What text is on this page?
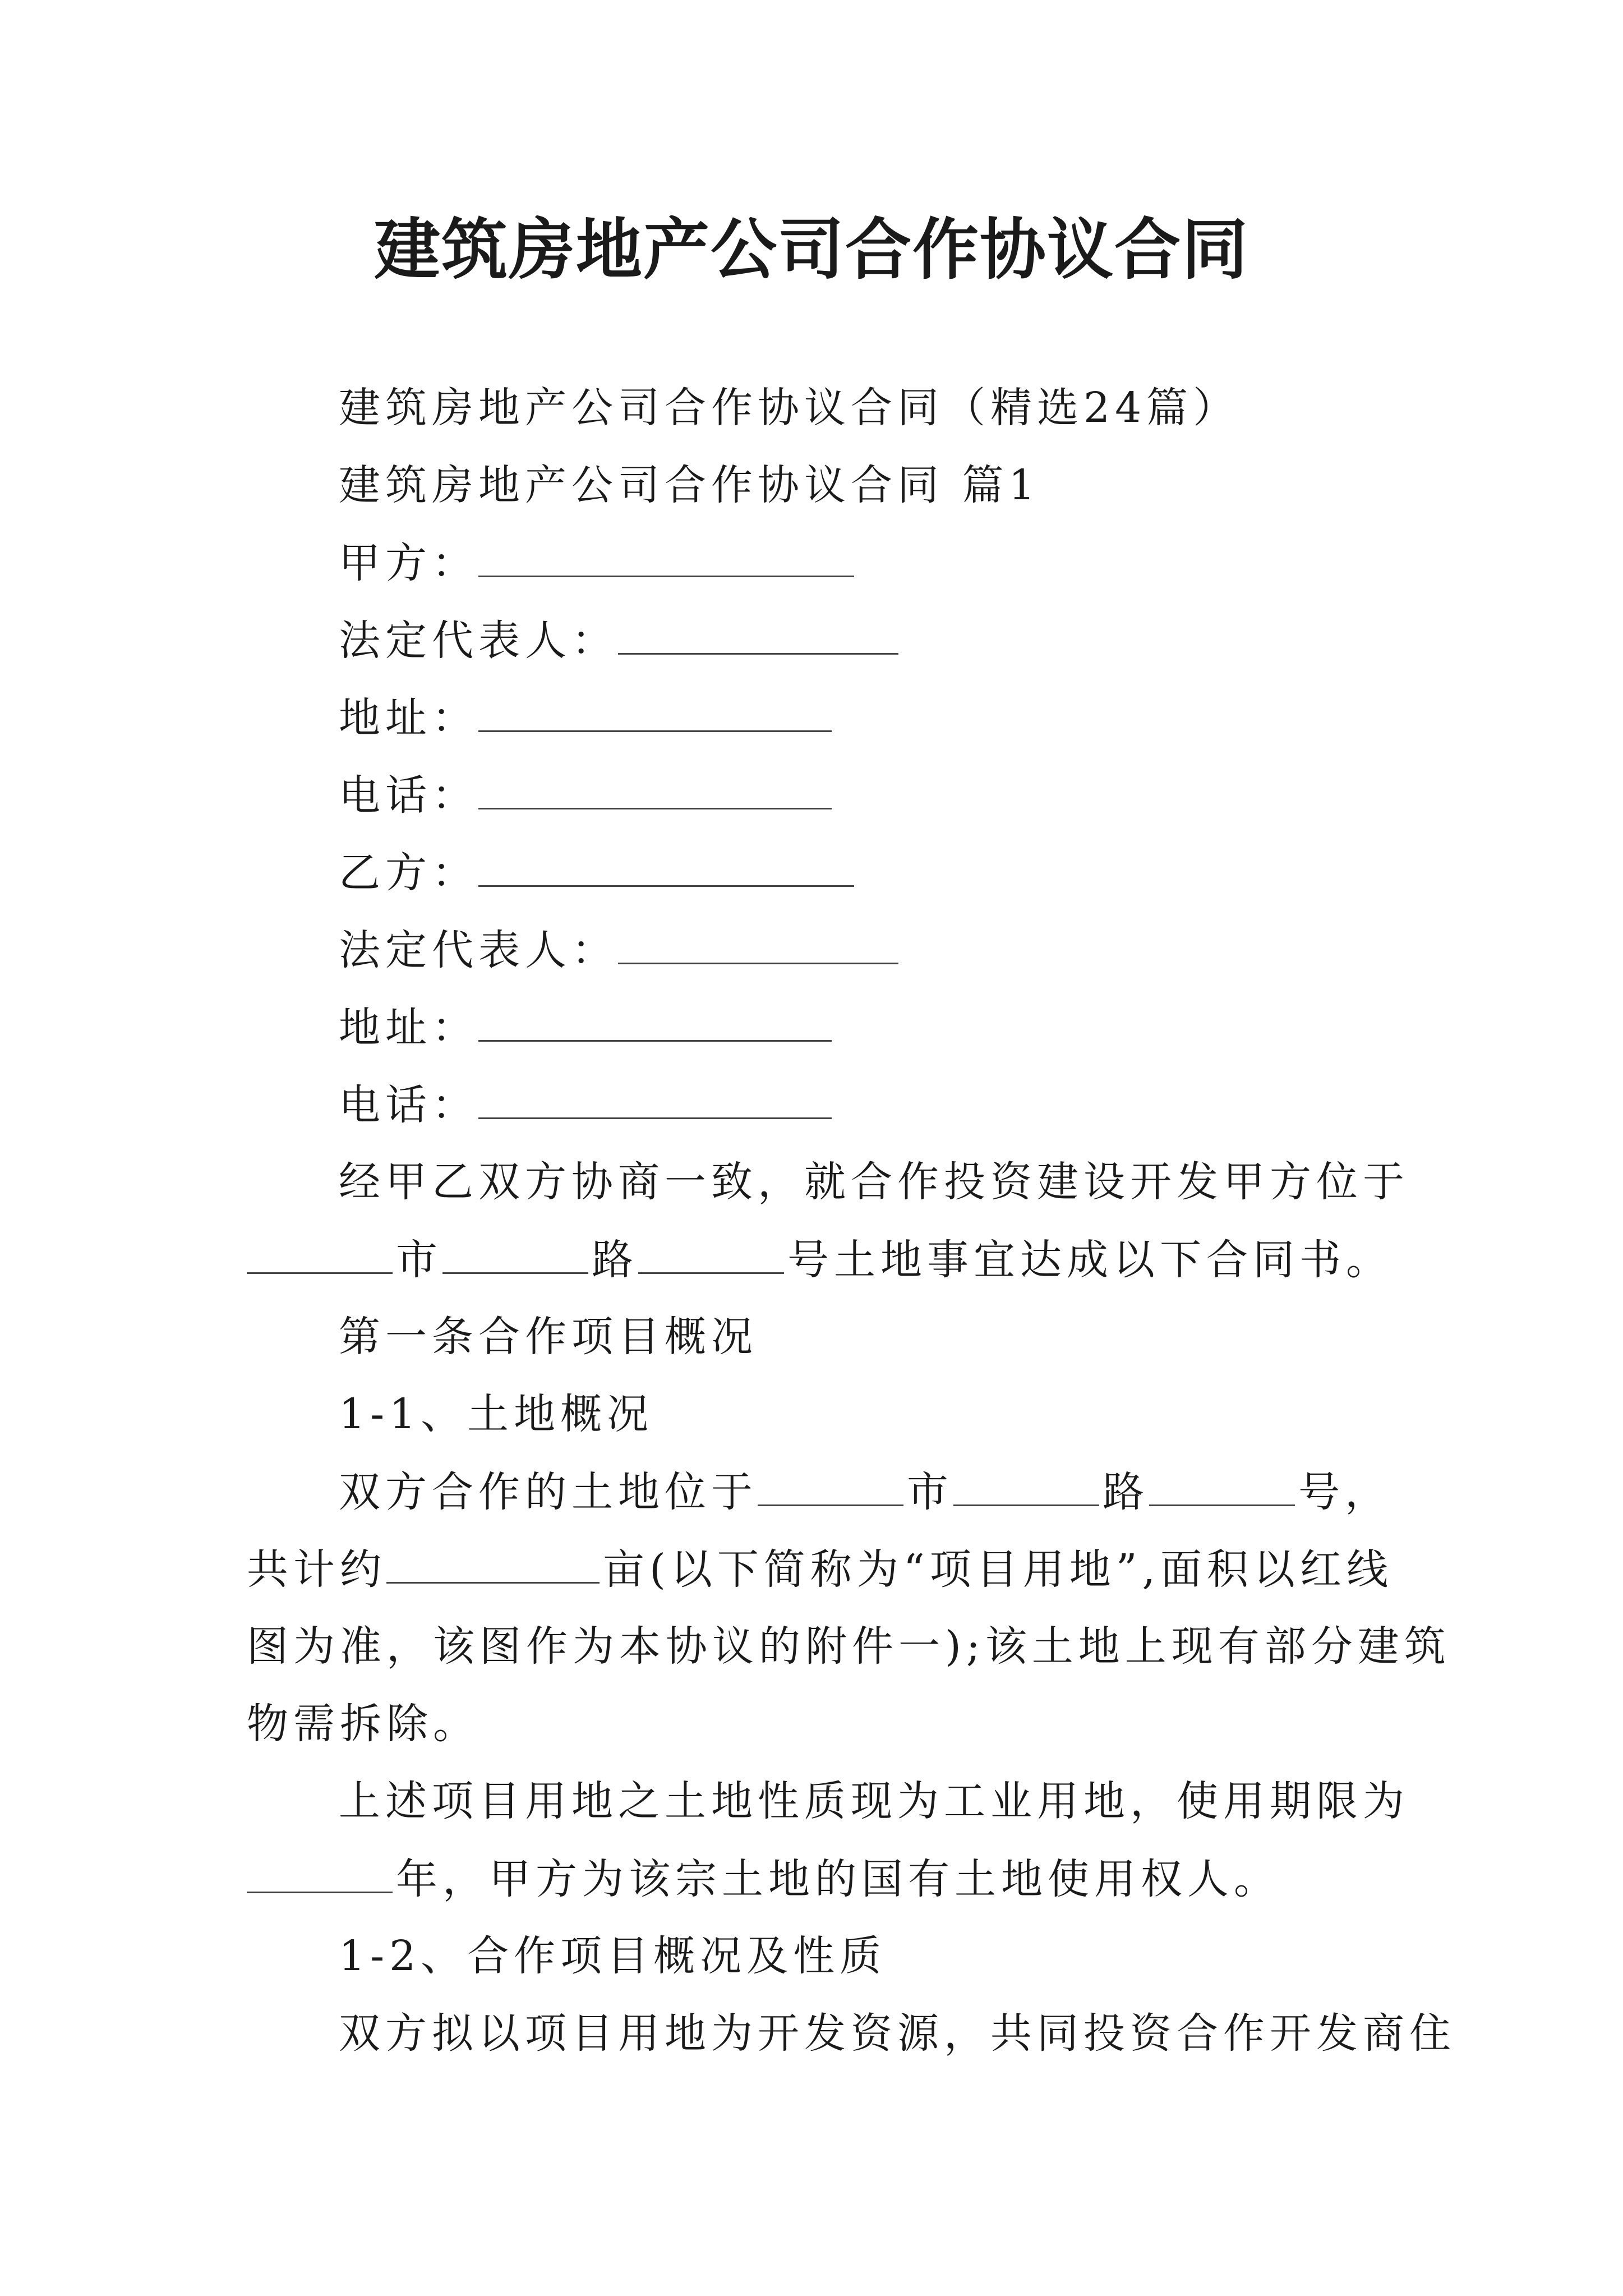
建筑房地产公司合作协议合同
建筑房地产公司合作协议合同（精选24篇）
建筑房地产公司合作协议合同 篇1
甲方：
法定代表人：
地址：
电话：
乙方：
法定代表人：
地址：
电话：
经甲乙双方协商一致，就合作投资建设开发甲方位于
市	路	号土地事宜达成以下合同书。
第一条合作项目概况
1-1、土地概况
双方合作的土地位于	市	路	号，
共计约	亩(以下简称为“项目用地”,面积以红线
图为准，该图作为本协议的附件一);该土地上现有部分建筑
物需拆除。
上述项目用地之土地性质现为工业用地，使用期限为
年，甲方为该宗土地的国有土地使用权人。
1-2、合作项目概况及性质
双方拟以项目用地为开发资源，共同投资合作开发商住
